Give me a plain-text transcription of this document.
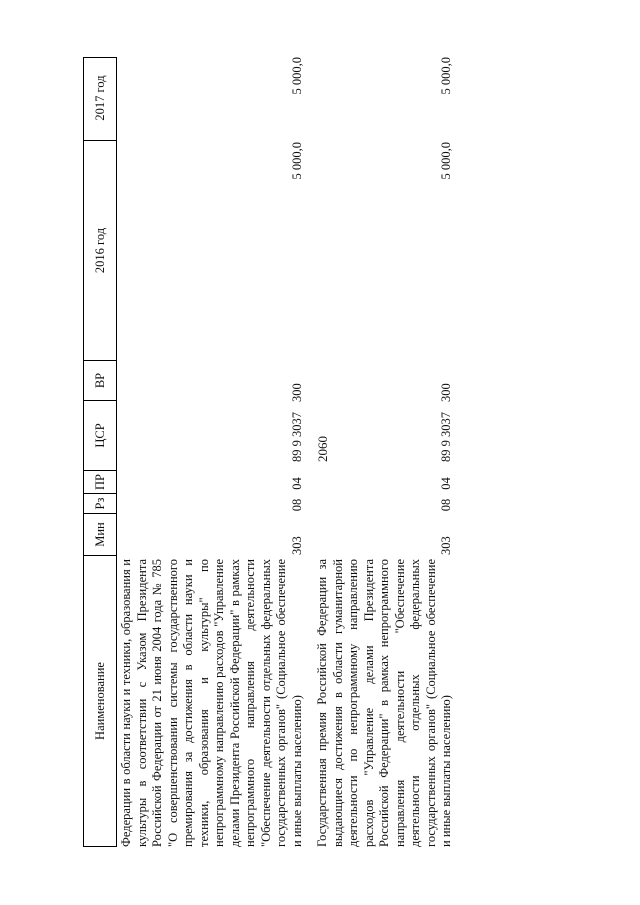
2060
Наименование
Мин
Рз
ПР
ЦСР
ВР
2016 год
2017 год
Федерации в области науки и техники, образования и культуры в соответствии с Указом Президента Российской Федерации от 21 июня 2004 года № 785 "О совершенствовании системы государственного премирования за достижения в области науки и техники, образования и культуры" по непрограммному направлению расходов "Управление делами Президента Российской Федерации" в рамках непрограммного направления деятельности "Обеспечение деятельности отдельных федеральных государственных органов" (Социальное обеспечение и иные выплаты населению)
303
08
04
89 9 3037
300
5 000,0
5 000,0
Государственная премия Российской Федерации за выдающиеся достижения в области гуманитарной деятельности по непрограммному направлению расходов "Управление делами Президента Российской Федерации" в рамках непрограммного направления деятельности "Обеспечение деятельности отдельных федеральных государственных органов" (Социальное обеспечение и иные выплаты населению)
303
08
04
89 9 3037
300
5 000,0
5 000,0
